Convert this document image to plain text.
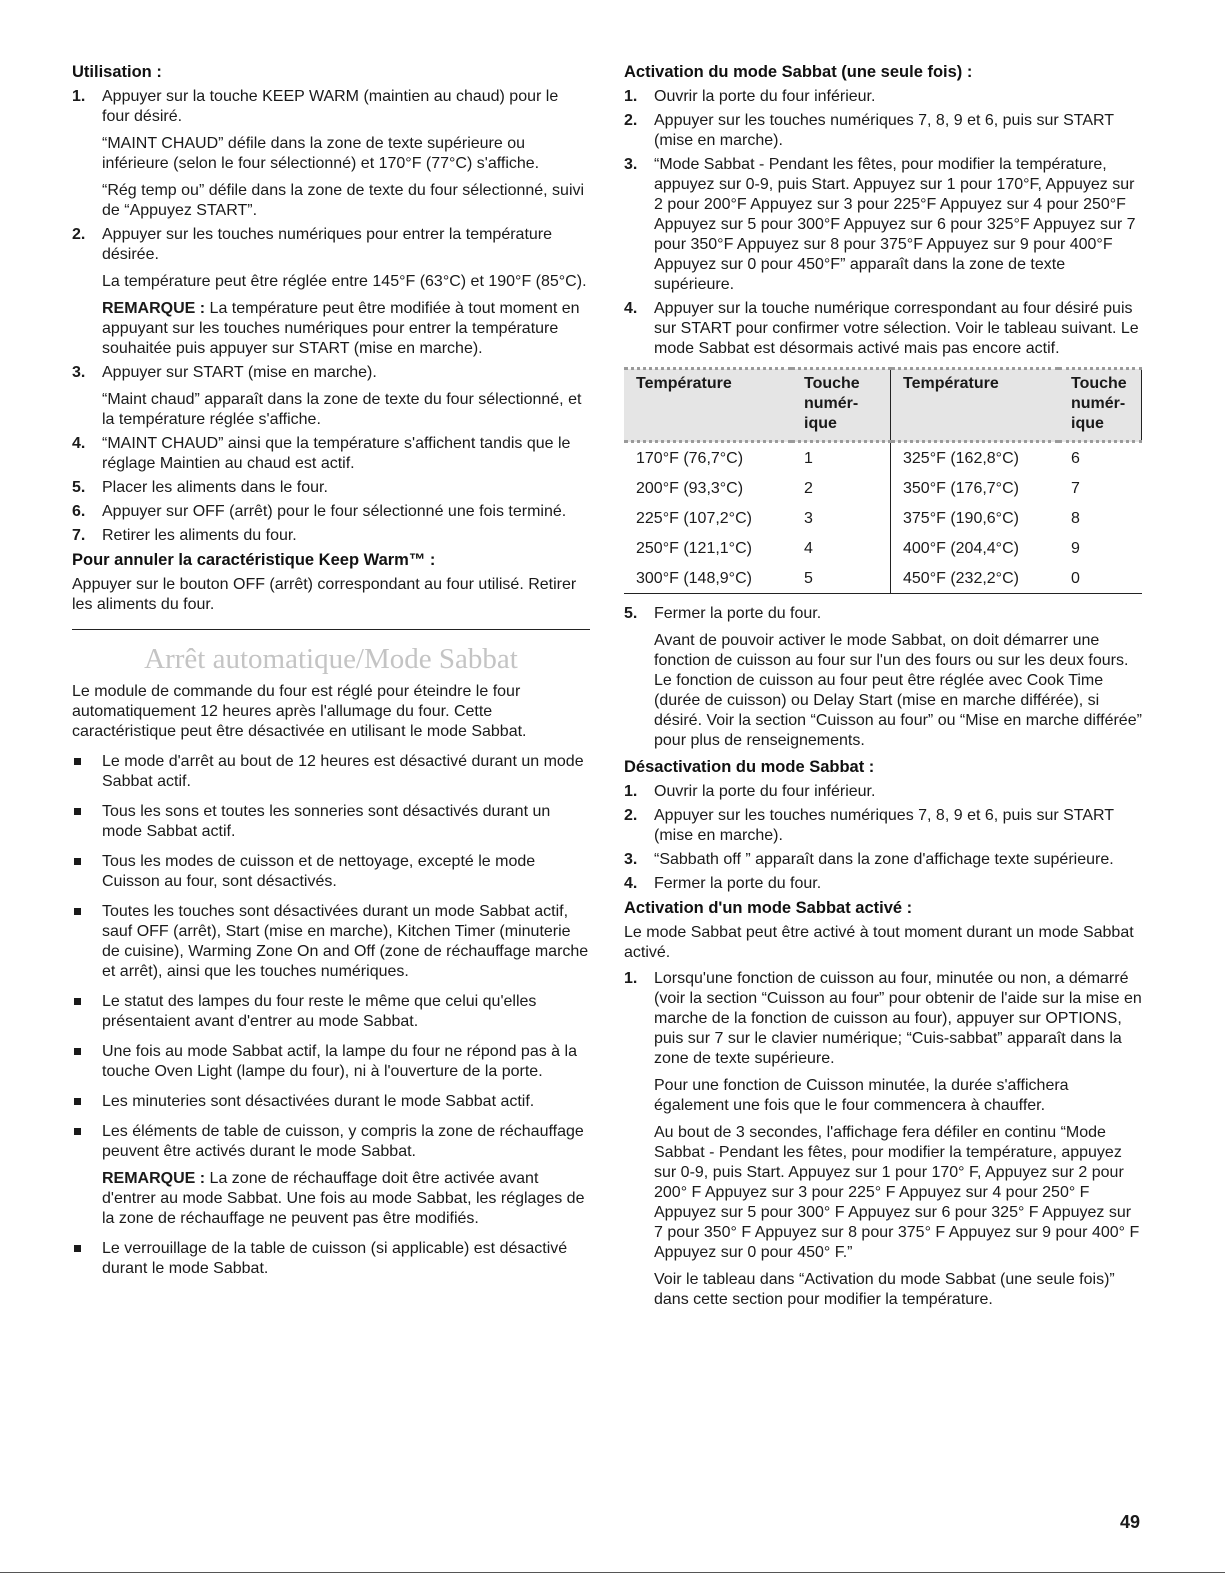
Utilisation :
1. Appuyer sur la touche KEEP WARM (maintien au chaud) pour le four désiré.

“MAINT CHAUD” défile dans la zone de texte supérieure ou inférieure (selon le four sélectionné) et 170°F (77°C) s'affiche.

“Rég temp ou” défile dans la zone de texte du four sélectionné, suivi de “Appuyez START”.

2. Appuyer sur les touches numériques pour entrer la température désirée.

La température peut être réglée entre 145°F (63°C) et 190°F (85°C).

REMARQUE : La température peut être modifiée à tout moment en appuyant sur les touches numériques pour entrer la température souhaitée puis appuyer sur START (mise en marche).

3. Appuyer sur START (mise en marche).

“Maint chaud” apparaît dans la zone de texte du four sélectionné, et la température réglée s'affiche.

4. “MAINT CHAUD” ainsi que la température s'affichent tandis que le réglage Maintien au chaud est actif.
5. Placer les aliments dans le four.
6. Appuyer sur OFF (arrêt) pour le four sélectionné une fois terminé.
7. Retirer les aliments du four.
Pour annuler la caractéristique Keep Warm™ :

Appuyer sur le bouton OFF (arrêt) correspondant au four utilisé. Retirer les aliments du four.

Arrêt automatique/Mode Sabbat

Le module de commande du four est réglé pour éteindre le four automatiquement 12 heures après l'allumage du four. Cette caractéristique peut être désactivée en utilisant le mode Sabbat.

Le mode d'arrêt au bout de 12 heures est désactivé durant un mode Sabbat actif.
Tous les sons et toutes les sonneries sont désactivés durant un mode Sabbat actif.
Tous les modes de cuisson et de nettoyage, excepté le mode Cuisson au four, sont désactivés.
Toutes les touches sont désactivées durant un mode Sabbat actif, sauf OFF (arrêt), Start (mise en marche), Kitchen Timer (minuterie de cuisine), Warming Zone On and Off (zone de réchauffage marche et arrêt), ainsi que les touches numériques.
Le statut des lampes du four reste le même que celui qu'elles présentaient avant d'entrer au mode Sabbat.
Une fois au mode Sabbat actif, la lampe du four ne répond pas à la touche Oven Light (lampe du four), ni à l'ouverture de la porte.
Les minuteries sont désactivées durant le mode Sabbat actif.
Les éléments de table de cuisson, y compris la zone de réchauffage peuvent être activés durant le mode Sabbat.

REMARQUE : La zone de réchauffage doit être activée avant d'entrer au mode Sabbat. Une fois au mode Sabbat, les réglages de la zone de réchauffage ne peuvent pas être modifiés.

Le verrouillage de la table de cuisson (si applicable) est désactivé durant le mode Sabbat.
Activation du mode Sabbat (une seule fois) :
1. Ouvrir la porte du four inférieur.
2. Appuyer sur les touches numériques 7, 8, 9 et 6, puis sur START (mise en marche).
3. “Mode Sabbat - Pendant les fêtes, pour modifier la température, appuyez sur 0-9, puis Start. Appuyez sur 1 pour 170°F, Appuyez sur 2 pour 200°F Appuyez sur 3 pour 225°F Appuyez sur 4 pour 250°F Appuyez sur 5 pour 300°F Appuyez sur 6 pour 325°F Appuyez sur 7 pour 350°F Appuyez sur 8 pour 375°F Appuyez sur 9 pour 400°F Appuyez sur 0 pour 450°F” apparaît dans la zone de texte supérieure.
4. Appuyer sur la touche numérique correspondant au four désiré puis sur START pour confirmer votre sélection. Voir le tableau suivant. Le mode Sabbat est désormais activé mais pas encore actif.
Température	Touche numér- ique	Température	Touche numér- ique
170°F (76,7°C)	1	325°F (162,8°C)	6
200°F (93,3°C)	2	350°F (176,7°C)	7
225°F (107,2°C)	3	375°F (190,6°C)	8
250°F (121,1°C)	4	400°F (204,4°C)	9
300°F (148,9°C)	5	450°F (232,2°C)	0
5. Fermer la porte du four.

Avant de pouvoir activer le mode Sabbat, on doit démarrer une fonction de cuisson au four sur l'un des fours ou sur les deux fours. Le fonction de cuisson au four peut être réglée avec Cook Time (durée de cuisson) ou Delay Start (mise en marche différée), si désiré. Voir la section “Cuisson au four” ou “Mise en marche différée” pour plus de renseignements.

Désactivation du mode Sabbat :
1. Ouvrir la porte du four inférieur.
2. Appuyer sur les touches numériques 7, 8, 9 et 6, puis sur START (mise en marche).
3. “Sabbath off ” apparaît dans la zone d'affichage texte supérieure.
4. Fermer la porte du four.
Activation d'un mode Sabbat activé :

Le mode Sabbat peut être activé à tout moment durant un mode Sabbat activé.

1. Lorsqu'une fonction de cuisson au four, minutée ou non, a démarré (voir la section “Cuisson au four” pour obtenir de l'aide sur la mise en marche de la fonction de cuisson au four), appuyer sur OPTIONS, puis sur 7 sur le clavier numérique; “Cuis-sabbat” apparaît dans la zone de texte supérieure.

Pour une fonction de Cuisson minutée, la durée s'affichera également une fois que le four commencera à chauffer.

Au bout de 3 secondes, l'affichage fera défiler en continu “Mode Sabbat - Pendant les fêtes, pour modifier la température, appuyez sur 0-9, puis Start. Appuyez sur 1 pour 170° F, Appuyez sur 2 pour 200° F Appuyez sur 3 pour 225° F Appuyez sur 4 pour 250° F Appuyez sur 5 pour 300° F Appuyez sur 6 pour 325° F Appuyez sur 7 pour 350° F Appuyez sur 8 pour 375° F Appuyez sur 9 pour 400° F Appuyez sur 0 pour 450° F.”

Voir le tableau dans “Activation du mode Sabbat (une seule fois)” dans cette section pour modifier la température.

49
